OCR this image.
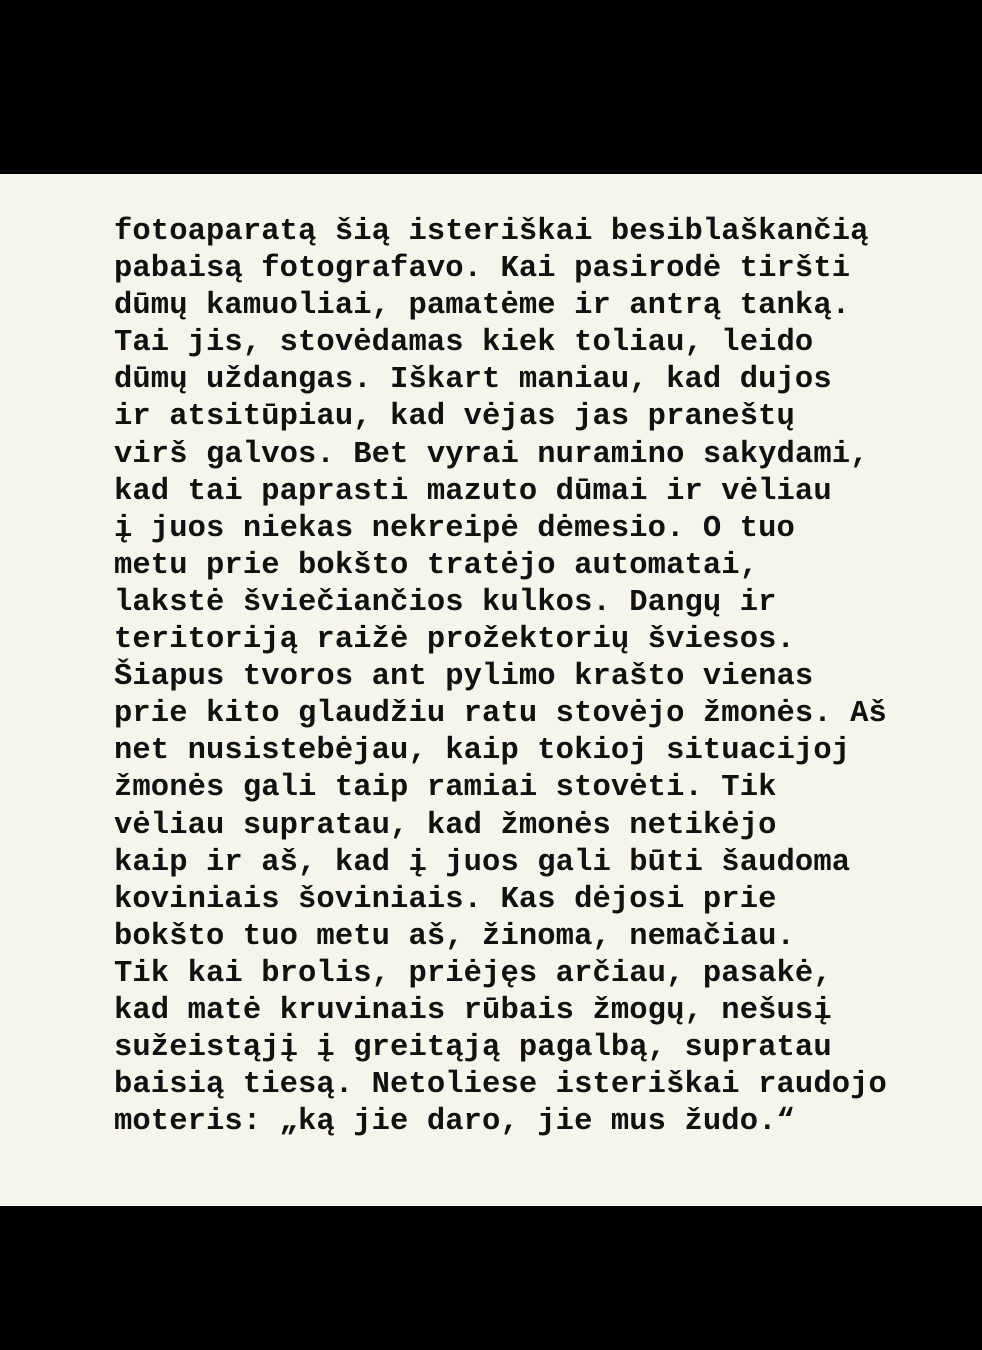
fotoaparatą šią isteriškai besiblaškančią
pabaisą fotografavo. Kai pasirodė tiršti
dūmų kamuoliai, pamatėme ir antrą tanką.
Tai jis, stovėdamas kiek toliau, leido
dūmų uždangas. Iškart maniau, kad dujos
ir atsitūpiau, kad vėjas jas praneštų
virš galvos. Bet vyrai nuramino sakydami,
kad tai paprasti mazuto dūmai ir vėliau
į juos niekas nekreipė dėmesio. O tuo
metu prie bokšto tratėjo automatai,
lakstė šviečiančios kulkos. Dangų ir
teritoriją raižė prožektorių šviesos.
Šiapus tvoros ant pylimo krašto vienas
prie kito glaudžiu ratu stovėjo žmonės. Aš
net nusistebėjau, kaip tokioj situacijoj
žmonės gali taip ramiai stovėti. Tik
vėliau supratau, kad žmonės netikėjo
kaip ir aš, kad į juos gali būti šaudoma
koviniais šoviniais. Kas dėjosi prie
bokšto tuo metu aš, žinoma, nemačiau.
Tik kai brolis, priėjęs arčiau, pasakė,
kad matė kruvinais rūbais žmogų, nešusį
sužeistąjį į greitąją pagalbą, supratau
baisią tiesą. Netoliese isteriškai raudojo
moteris: „ką jie daro, jie mus žudo.“
